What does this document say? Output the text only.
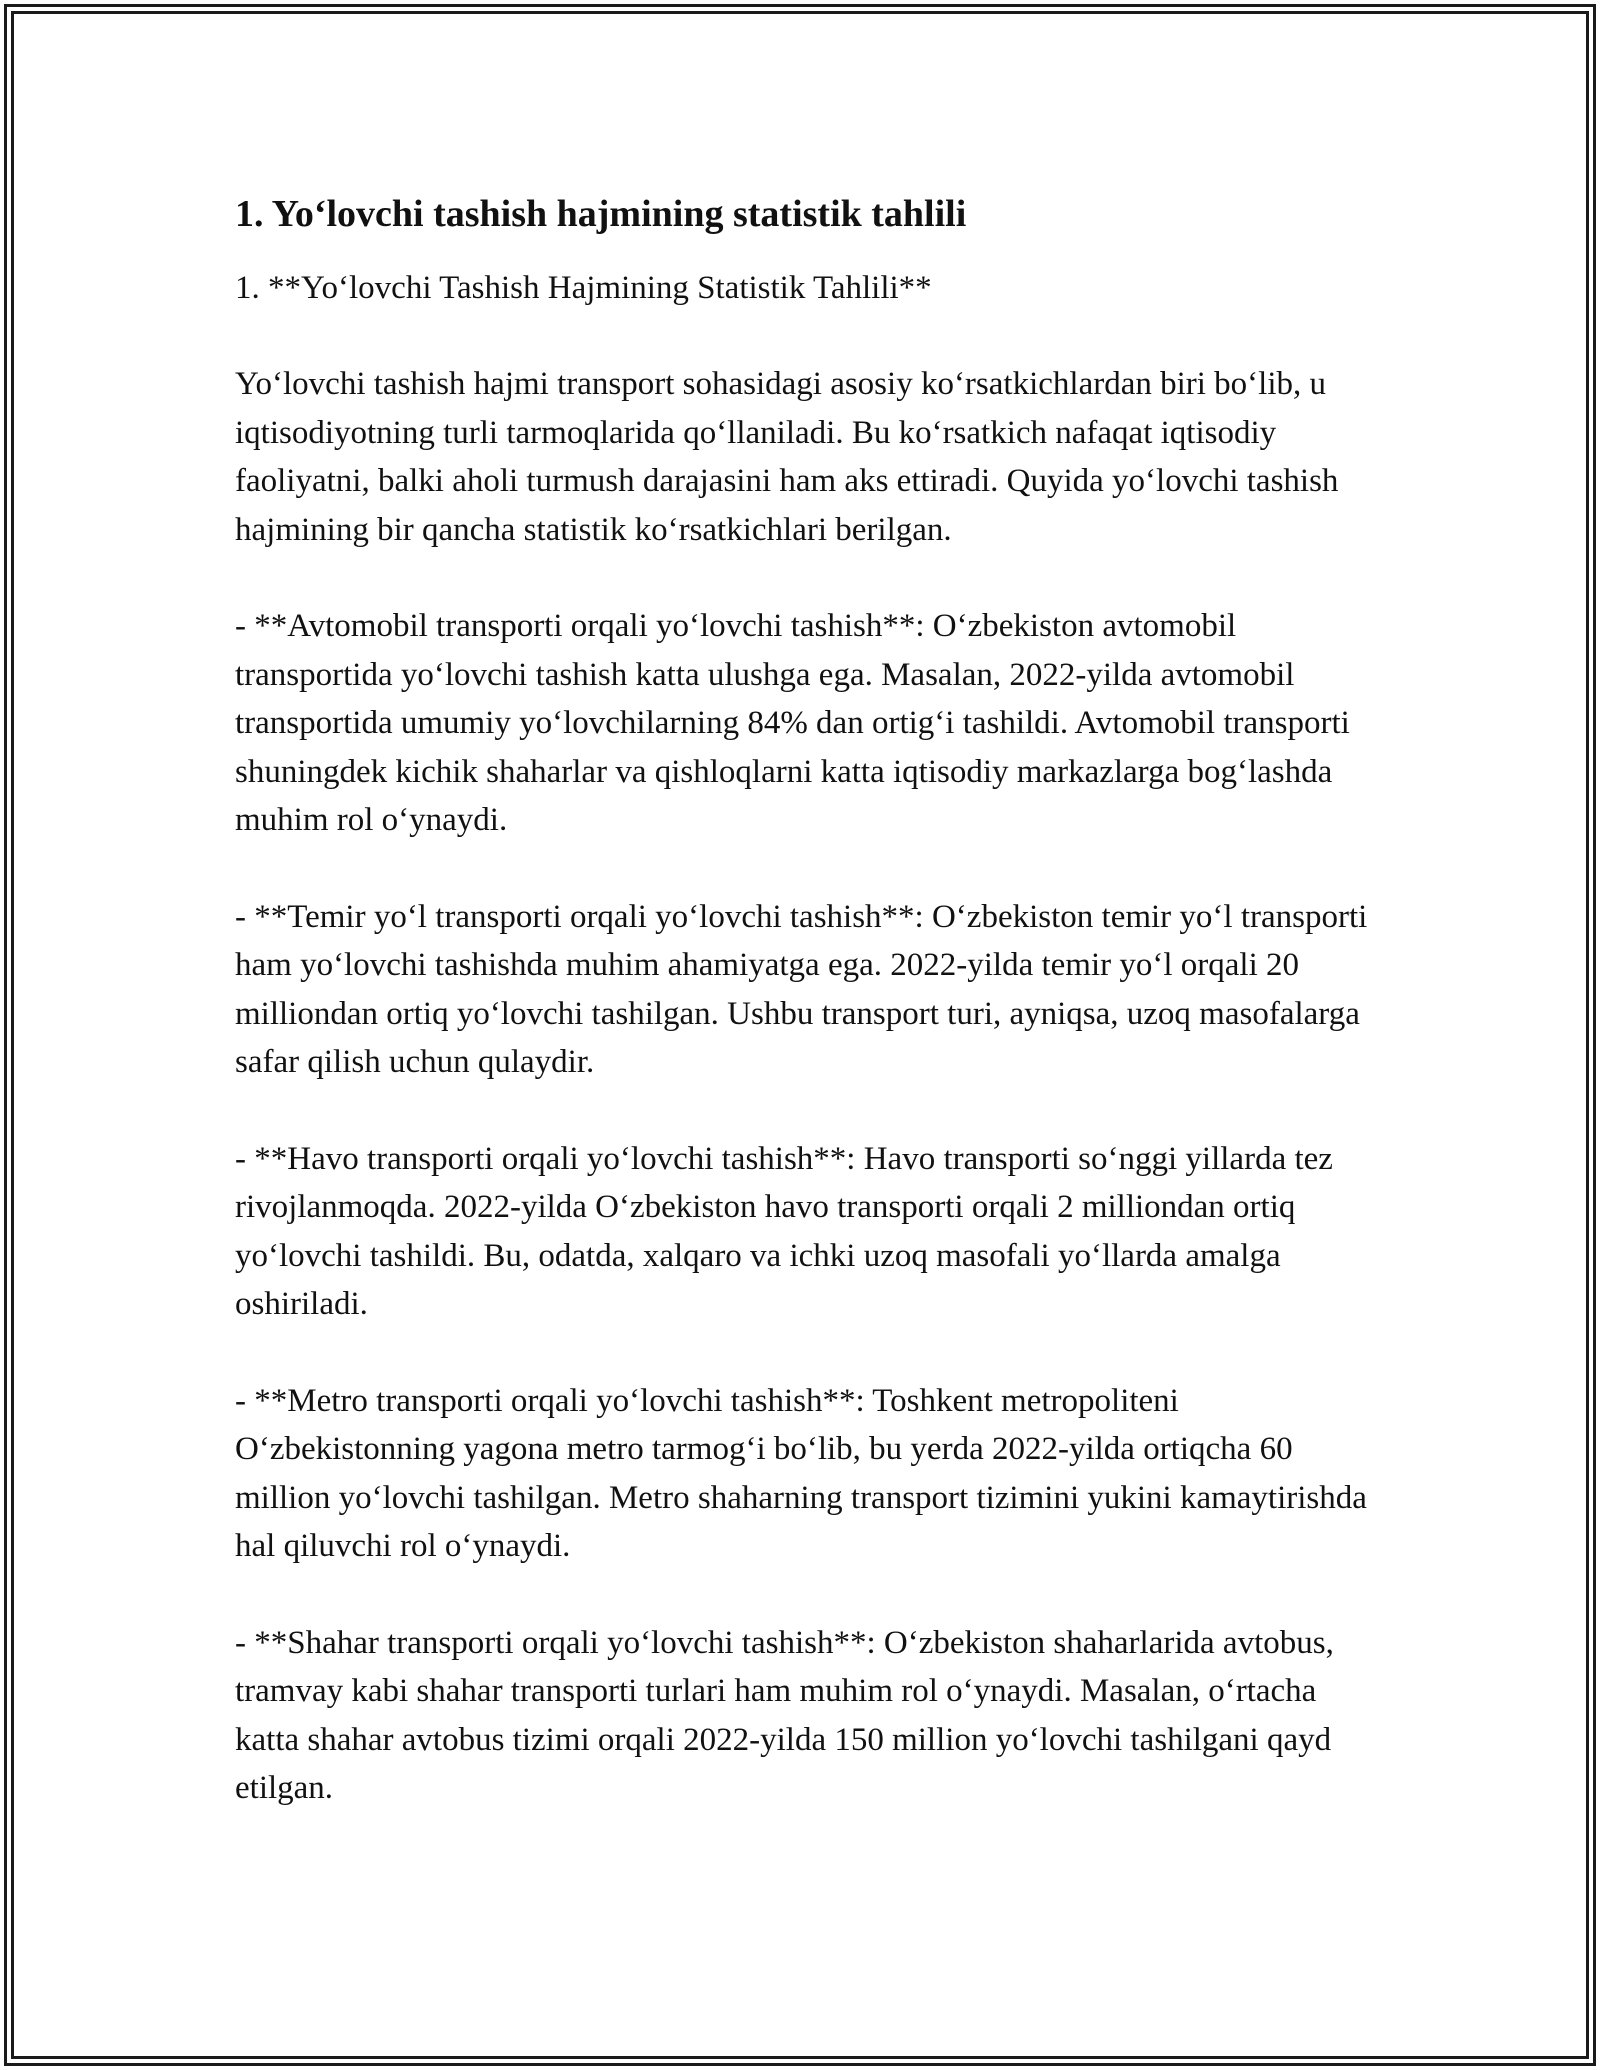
1. Yo‘lovchi tashish hajmining statistik tahlili

1. **Yo‘lovchi Tashish Hajmining Statistik Tahlili**

Yo‘lovchi tashish hajmi transport sohasidagi asosiy ko‘rsatkichlardan biri bo‘lib, u iqtisodiyotning turli tarmoqlarida qo‘llaniladi. Bu ko‘rsatkich nafaqat iqtisodiy faoliyatni, balki aholi turmush darajasini ham aks ettiradi. Quyida yo‘lovchi tashish hajmining bir qancha statistik ko‘rsatkichlari berilgan.

- **Avtomobil transporti orqali yo‘lovchi tashish**: O‘zbekiston avtomobil transportida yo‘lovchi tashish katta ulushga ega. Masalan, 2022-yilda avtomobil transportida umumiy yo‘lovchilarning 84% dan ortig‘i tashildi. Avtomobil transporti shuningdek kichik shaharlar va qishloqlarni katta iqtisodiy markazlarga bog‘lashda muhim rol o‘ynaydi.

- **Temir yo‘l transporti orqali yo‘lovchi tashish**: O‘zbekiston temir yo‘l transporti ham yo‘lovchi tashishda muhim ahamiyatga ega. 2022-yilda temir yo‘l orqali 20 milliondan ortiq yo‘lovchi tashilgan. Ushbu transport turi, ayniqsa, uzoq masofalarga safar qilish uchun qulaydir.

- **Havo transporti orqali yo‘lovchi tashish**: Havo transporti so‘nggi yillarda tez rivojlanmoqda. 2022-yilda O‘zbekiston havo transporti orqali 2 milliondan ortiq yo‘lovchi tashildi. Bu, odatda, xalqaro va ichki uzoq masofali yo‘llarda amalga oshiriladi.

- **Metro transporti orqali yo‘lovchi tashish**: Toshkent metropoliteni O‘zbekistonning yagona metro tarmog‘i bo‘lib, bu yerda 2022-yilda ortiqcha 60 million yo‘lovchi tashilgan. Metro shaharning transport tizimini yukini kamaytirishda hal qiluvchi rol o‘ynaydi.

- **Shahar transporti orqali yo‘lovchi tashish**: O‘zbekiston shaharlarida avtobus, tramvay kabi shahar transporti turlari ham muhim rol o‘ynaydi. Masalan, o‘rtacha katta shahar avtobus tizimi orqali 2022-yilda 150 million yo‘lovchi tashilgani qayd etilgan.
